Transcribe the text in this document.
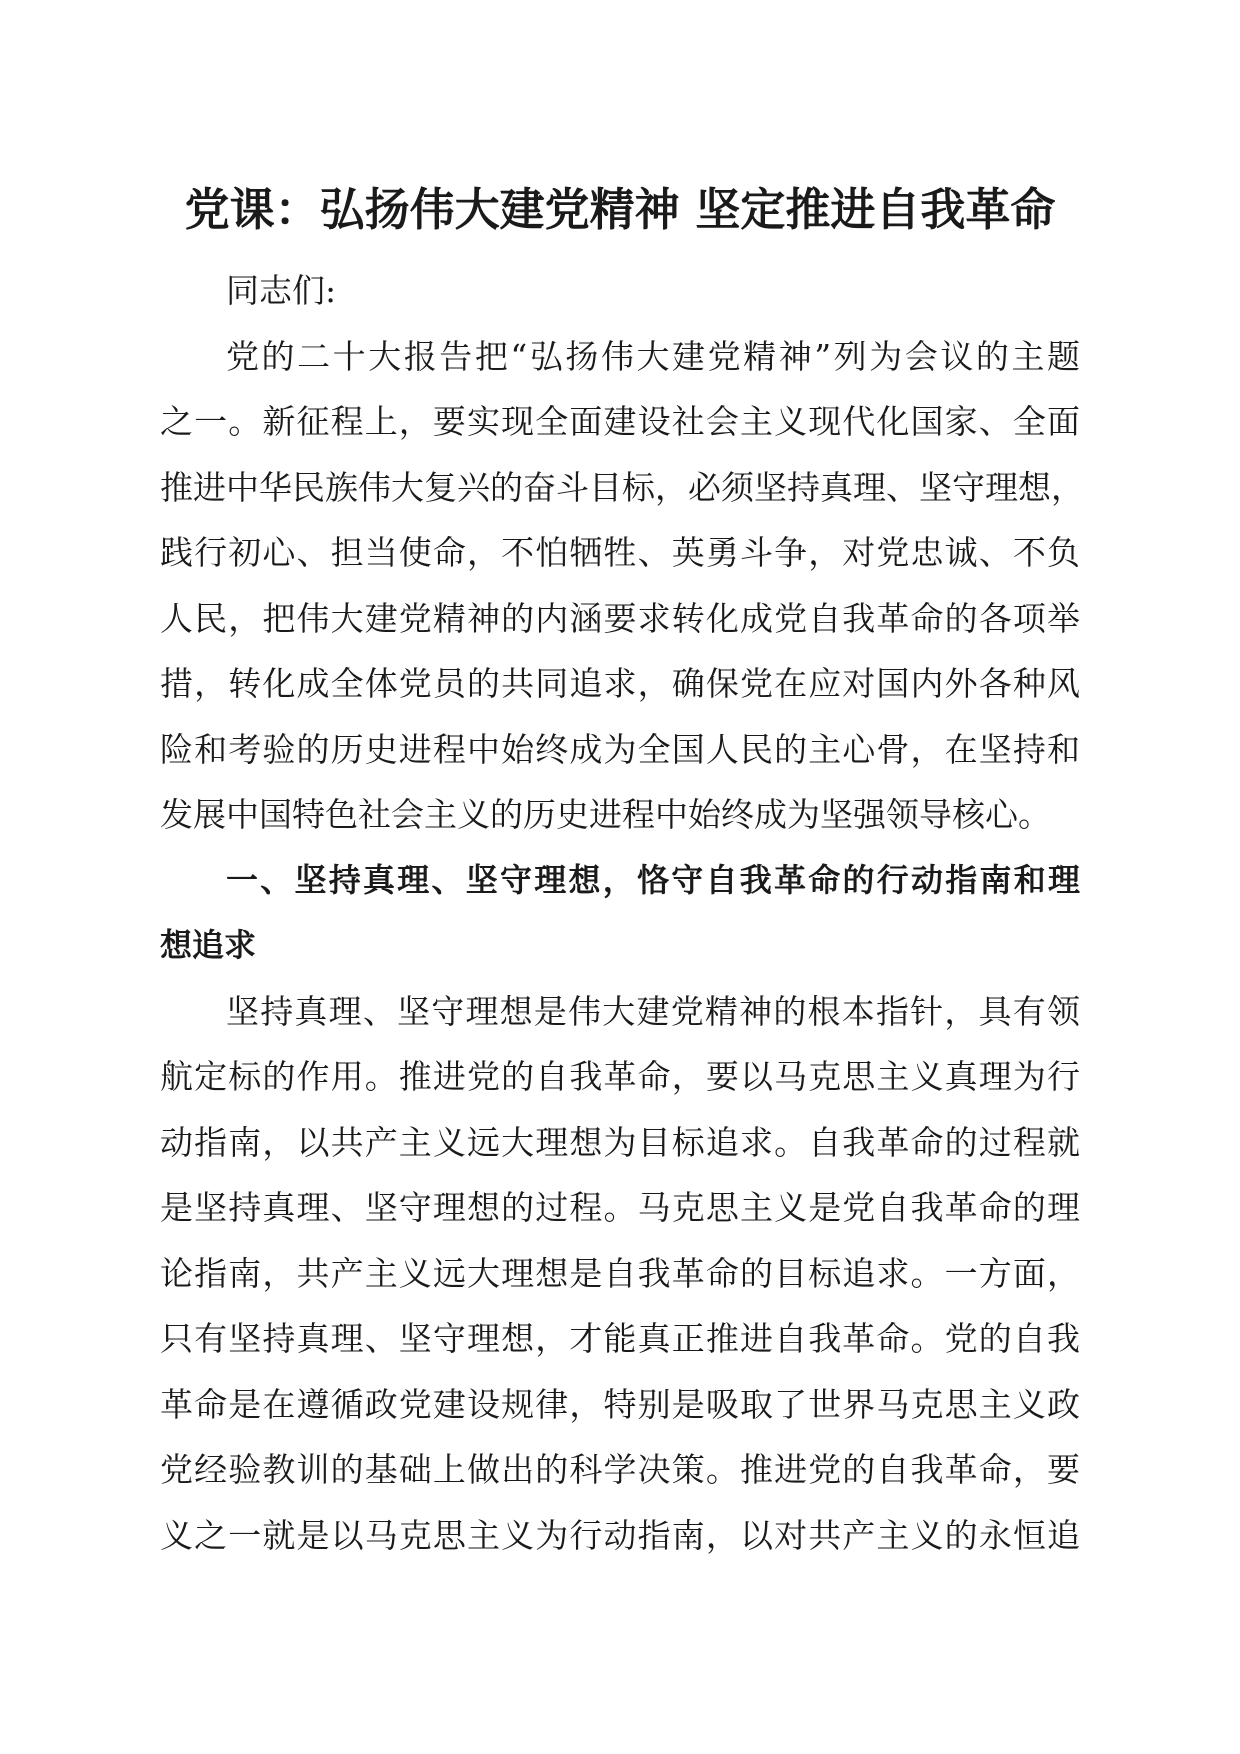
党课：弘扬伟大建党精神 坚定推进自我革命
同志们:
党的二十大报告把“弘扬伟大建党精神”列为会议的主题
之一。新征程上，要实现全面建设社会主义现代化国家、全面
推进中华民族伟大复兴的奋斗目标，必须坚持真理、坚守理想，
践行初心、担当使命，不怕牺牲、英勇斗争，对党忠诚、不负
人民，把伟大建党精神的内涵要求转化成党自我革命的各项举
措，转化成全体党员的共同追求，确保党在应对国内外各种风
险和考验的历史进程中始终成为全国人民的主心骨，在坚持和
发展中国特色社会主义的历史进程中始终成为坚强领导核心。
一、坚持真理、坚守理想，恪守自我革命的行动指南和理
想追求
坚持真理、坚守理想是伟大建党精神的根本指针，具有领
航定标的作用。推进党的自我革命，要以马克思主义真理为行
动指南，以共产主义远大理想为目标追求。自我革命的过程就
是坚持真理、坚守理想的过程。马克思主义是党自我革命的理
论指南，共产主义远大理想是自我革命的目标追求。一方面，
只有坚持真理、坚守理想，才能真正推进自我革命。党的自我
革命是在遵循政党建设规律，特别是吸取了世界马克思主义政
党经验教训的基础上做出的科学决策。推进党的自我革命，要
义之一就是以马克思主义为行动指南，以对共产主义的永恒追
